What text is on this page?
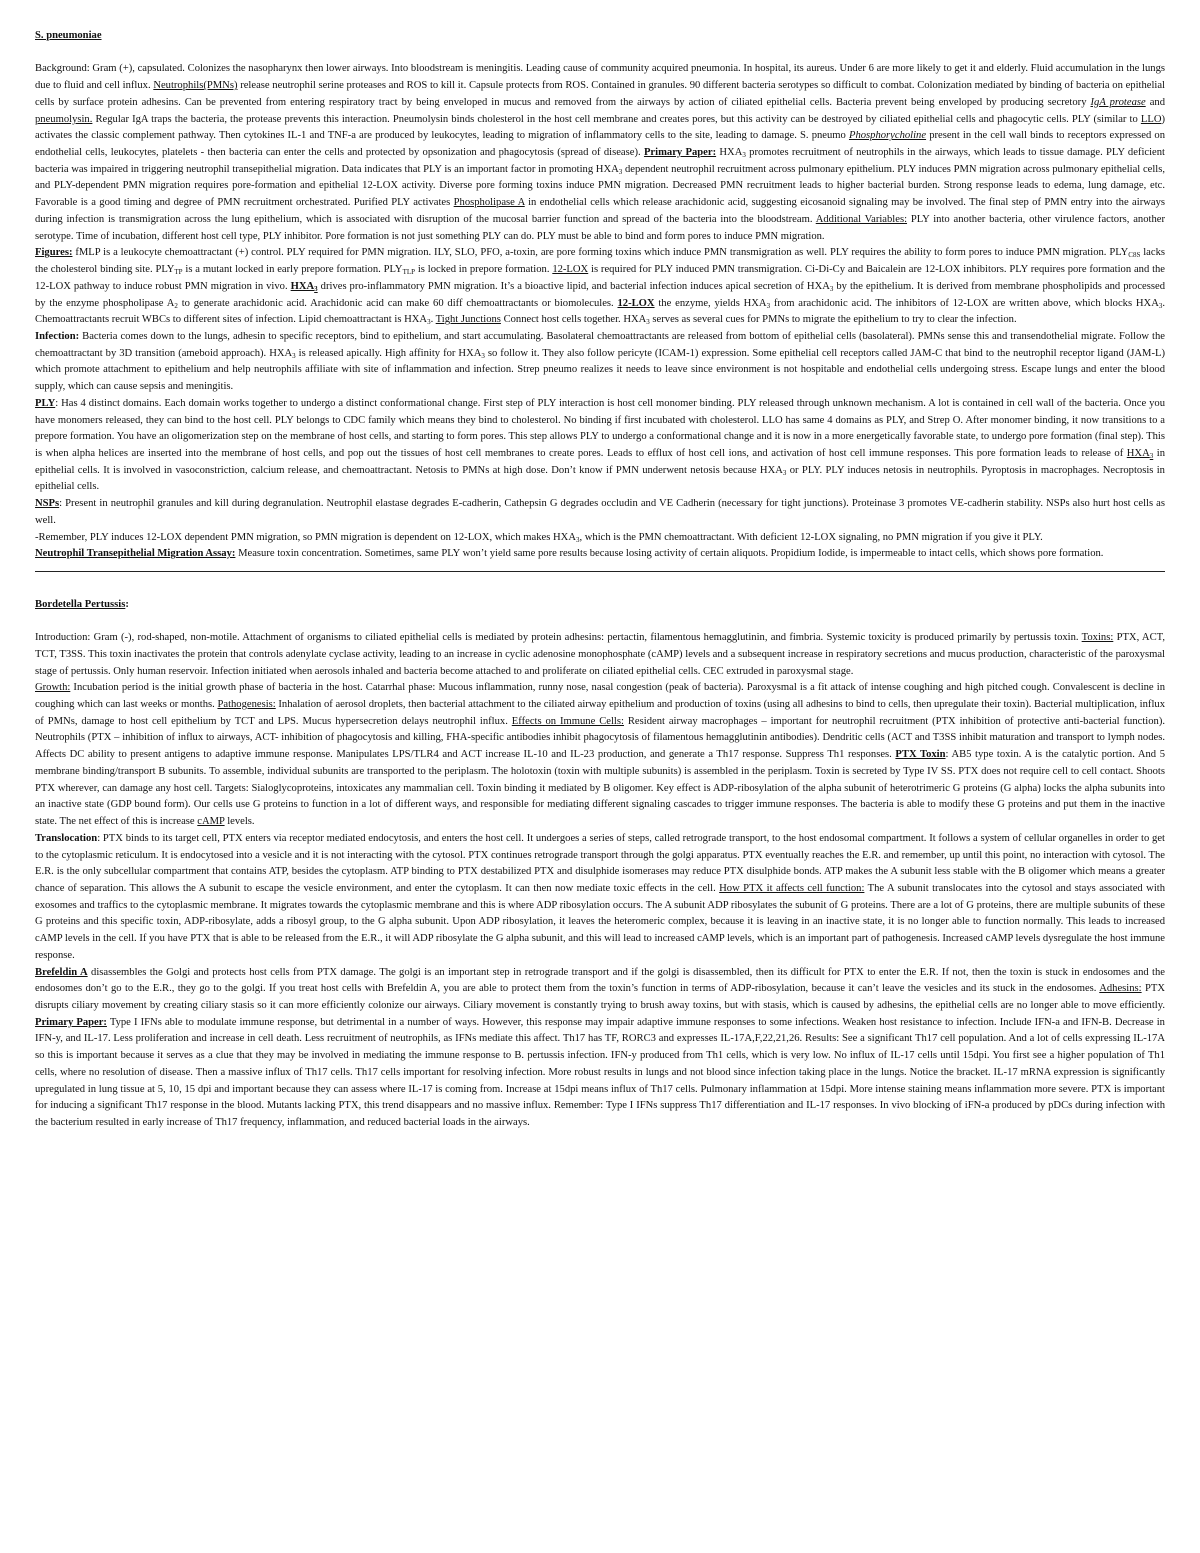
S. pneumoniae

Background: Gram (+), capsulated. Colonizes the nasopharynx then lower airways. Into bloodstream is meningitis. Leading cause of community acquired pneumonia. In hospital, its aureus. Under 6 are more likely to get it and elderly. Fluid accumulation in the lungs due to fluid and cell influx. Neutrophils(PMNs) release neutrophil serine proteases and ROS to kill it. Capsule protects from ROS. Contained in granules. 90 different bacteria serotypes so difficult to combat. Colonization mediated by binding of bacteria on epithelial cells by surface protein adhesins. Can be prevented from entering respiratory tract by being enveloped in mucus and removed from the airways by action of ciliated epithelial cells. Bacteria prevent being enveloped by producing secretory IgA protease and pneumolysin. Regular IgA traps the bacteria, the protease prevents this interaction. Pneumolysin binds cholesterol in the host cell membrane and creates pores, but this activity can be destroyed by ciliated epithelial cells and phagocytic cells. PLY (similar to LLO) activates the classic complement pathway. Then cytokines IL-1 and TNF-a are produced by leukocytes, leading to migration of inflammatory cells to the site, leading to damage. S. pneumo Phosphorycholine present in the cell wall binds to receptors expressed on endothelial cells, leukocytes, platelets - then bacteria can enter the cells and protected by opsonization and phagocytosis (spread of disease). Primary Paper: $HXA_3$ promotes recruitment of neutrophils in the airways, which leads to tissue damage. PLY deficient bacteria was impaired in triggering neutrophil transepithelial migration. Data indicates that PLY is an important factor in promoting $HXA_3$ dependent neutrophil recruitment across pulmonary epithelium. PLY induces PMN migration across pulmonary epithelial cells, and PLY-dependent PMN migration requires pore-formation and epithelial 12-LOX activity. Diverse pore forming toxins induce PMN migration. Decreased PMN recruitment leads to higher bacterial burden. Strong response leads to edema, lung damage, etc. Favorable is a good timing and degree of PMN recruitment orchestrated. Purified PLY activates Phospholipase A in endothelial cells which release arachidonic acid, suggesting eicosanoid signaling may be involved. The final step of PMN entry into the airways during infection is transmigration across the lung epithelium, which is associated with disruption of the mucosal barrier function and spread of the bacteria into the bloodstream. Additional Variables: PLY into another bacteria, other virulence factors, another serotype. Time of incubation, different host cell type, PLY inhibitor. Pore formation is not just something PLY can do. PLY must be able to bind and form pores to induce PMN migration.

Figures: fMLP is a leukocyte chemoattractant (+) control. PLY required for PMN migration. ILY, SLO, PFO, a-toxin, are pore forming toxins which induce PMN transmigration as well. PLY requires the ability to form pores to induce PMN migration. $PLY_{C8S}$ lacks the cholesterol binding site. $PLY_{TP}$ is a mutant locked in early prepore formation. $PLY_{TLP}$ is locked in prepore formation. 12-LOX is required for PLY induced PMN transmigration. Ci-Di-Cy and Baicalein are 12-LOX inhibitors. PLY requires pore formation and the 12-LOX pathway to induce robust PMN migration in vivo. $HXA_3$ drives pro-inflammatory PMN migration. It’s a bioactive lipid, and bacterial infection induces apical secretion of $HXA_3$ by the epithelium. It is derived from membrane phospholipids and processed by the enzyme phospholipase $A_2$ to generate arachidonic acid. Arachidonic acid can make 60 diff chemoattractants or biomolecules. 12-LOX the enzyme, yields $HXA_3$ from arachidonic acid. The inhibitors of 12-LOX are written above, which blocks $HXA_3$. Chemoattractants recruit WBCs to different sites of infection. Lipid chemoattractant is $HXA_3$. Tight Junctions Connect host cells together. $HXA_3$ serves as several cues for PMNs to migrate the epithelium to try to clear the infection.

Infection: Bacteria comes down to the lungs, adhesin to specific receptors, bind to epithelium, and start accumulating. Basolateral chemoattractants are released from bottom of epithelial cells (basolateral). PMNs sense this and transendothelial migrate. Follow the chemoattractant by 3D transition (ameboid approach). $HXA_3$ is released apically. High affinity for $HXA_3$ so follow it. They also follow pericyte (ICAM-1) expression. Some epithelial cell receptors called JAM-C that bind to the neutrophil receptor ligand (JAM-L) which promote attachment to epithelium and help neutrophils affiliate with site of inflammation and infection. Strep pneumo realizes it needs to leave since environment is not hospitable and endothelial cells undergoing stress. Escape lungs and enter the blood supply, which can cause sepsis and meningitis.

PLY: Has 4 distinct domains. Each domain works together to undergo a distinct conformational change. First step of PLY interaction is host cell monomer binding. PLY released through unknown mechanism. A lot is contained in cell wall of the bacteria. Once you have monomers released, they can bind to the host cell. PLY belongs to CDC family which means they bind to cholesterol. No binding if first incubated with cholesterol. LLO has same 4 domains as PLY, and Strep O. After monomer binding, it now transitions to a prepore formation. You have an oligomerization step on the membrane of host cells, and starting to form pores. This step allows PLY to undergo a conformational change and it is now in a more energetically favorable state, to undergo pore formation (final step). This is when alpha helices are inserted into the membrane of host cells, and pop out the tissues of host cell membranes to create pores. Leads to efflux of host cell ions, and activation of host cell immune responses. This pore formation leads to release of $HXA_3$ in epithelial cells. It is involved in vasoconstriction, calcium release, and chemoattractant. Netosis to PMNs at high dose. Don’t know if PMN underwent netosis because $HXA_3$ or PLY. PLY induces netosis in neutrophils. Pyroptosis in macrophages. Necroptosis in epithelial cells.

NSPs: Present in neutrophil granules and kill during degranulation. Neutrophil elastase degrades E-cadherin, Cathepsin G degrades occludin and VE Cadherin (necessary for tight junctions). Proteinase 3 promotes VE-cadherin stability. NSPs also hurt host cells as well.

-Remember, PLY induces 12-LOX dependent PMN migration, so PMN migration is dependent on 12-LOX, which makes $HXA_3$, which is the PMN chemoattractant. With deficient 12-LOX signaling, no PMN migration if you give it PLY.

Neutrophil Transepithelial Migration Assay: Measure toxin concentration. Sometimes, same PLY won’t yield same pore results because losing activity of certain aliquots. Propidium Iodide, is impermeable to intact cells, which shows pore formation.

Bordetella Pertussis:

Introduction: Gram (-), rod-shaped, non-motile. Attachment of organisms to ciliated epithelial cells is mediated by protein adhesins: pertactin, filamentous hemagglutinin, and fimbria. Systemic toxicity is produced primarily by pertussis toxin. Toxins: PTX, ACT, TCT, T3SS. This toxin inactivates the protein that controls adenylate cyclase activity, leading to an increase in cyclic adenosine monophosphate (cAMP) levels and a subsequent increase in respiratory secretions and mucus production, characteristic of the paroxysmal stage of pertussis. Only human reservoir. Infection initiated when aerosols inhaled and bacteria become attached to and proliferate on ciliated epithelial cells. CEC extruded in paroxysmal stage.

Growth: Incubation period is the initial growth phase of bacteria in the host. Catarrhal phase: Mucous inflammation, runny nose, nasal congestion (peak of bacteria). Paroxysmal is a fit attack of intense coughing and high pitched cough. Convalescent is decline in coughing which can last weeks or months. Pathogenesis: Inhalation of aerosol droplets, then bacterial attachment to the ciliated airway epithelium and production of toxins (using all adhesins to bind to cells, then upregulate their toxin). Bacterial multiplication, influx of PMNs, damage to host cell epithelium by TCT and LPS. Mucus hypersecretion delays neutrophil influx. Effects on Immune Cells: Resident airway macrophages – important for neutrophil recruitment (PTX inhibition of protective anti-bacterial function). Neutrophils (PTX – inhibition of influx to airways, ACT- inhibition of phagocytosis and killing, FHA-specific antibodies inhibit phagocytosis of filamentous hemagglutinin antibodies). Dendritic cells (ACT and T3SS inhibit maturation and transport to lymph nodes. Affects DC ability to present antigens to adaptive immune response. Manipulates LPS/TLR4 and ACT increase IL-10 and IL-23 production, and generate a Th17 response. Suppress Th1 responses. PTX Toxin: AB5 type toxin. A is the catalytic portion. And 5 membrane binding/transport B subunits. To assemble, individual subunits are transported to the periplasm. The holotoxin (toxin with multiple subunits) is assembled in the periplasm. Toxin is secreted by Type IV SS. PTX does not require cell to cell contact. Shoots PTX wherever, can damage any host cell. Targets: Sialoglycoproteins, intoxicates any mammalian cell. Toxin binding it mediated by B oligomer. Key effect is ADP-ribosylation of the alpha subunit of heterotrimeric G proteins (G alpha) locks the alpha subunits into an inactive state (GDP bound form). Our cells use G proteins to function in a lot of different ways, and responsible for mediating different signaling cascades to trigger immune responses. The bacteria is able to modify these G proteins and put them in the inactive state. The net effect of this is increase cAMP levels.

Translocation: PTX binds to its target cell, PTX enters via receptor mediated endocytosis, and enters the host cell. It undergoes a series of steps, called retrograde transport, to the host endosomal compartment. It follows a system of cellular organelles in order to get to the cytoplasmic reticulum. It is endocytosed into a vesicle and it is not interacting with the cytosol. PTX continues retrograde transport through the golgi apparatus. PTX eventually reaches the E.R. and remember, up until this point, no interaction with cytosol. The E.R. is the only subcellular compartment that contains ATP, besides the cytoplasm. ATP binding to PTX destabilized PTX and disulphide isomerases may reduce PTX disulphide bonds. ATP makes the A subunit less stable with the B oligomer which means a greater chance of separation. This allows the A subunit to escape the vesicle environment, and enter the cytoplasm. It can then now mediate toxic effects in the cell. How PTX it affects cell function: The A subunit translocates into the cytosol and stays associated with exosomes and traffics to the cytoplasmic membrane. It migrates towards the cytoplasmic membrane and this is where ADP ribosylation occurs. The A subunit ADP ribosylates the subunit of G proteins. There are a lot of G proteins, there are multiple subunits of these G proteins and this specific toxin, ADP-ribosylate, adds a ribosyl group, to the G alpha subunit. Upon ADP ribosylation, it leaves the heteromeric complex, because it is leaving in an inactive state, it is no longer able to function normally. This leads to increased cAMP levels in the cell. If you have PTX that is able to be released from the E.R., it will ADP ribosylate the G alpha subunit, and this will lead to increased cAMP levels, which is an important part of pathogenesis. Increased cAMP levels dysregulate the host immune response.

Brefeldin A disassembles the Golgi and protects host cells from PTX damage. The golgi is an important step in retrograde transport and if the golgi is disassembled, then its difficult for PTX to enter the E.R. If not, then the toxin is stuck in endosomes and the endosomes don’t go to the E.R., they go to the golgi. If you treat host cells with Brefeldin A, you are able to protect them from the toxin’s function in terms of ADP-ribosylation, because it can’t leave the vesicles and its stuck in the endosomes. Adhesins: PTX disrupts ciliary movement by creating ciliary stasis so it can more efficiently colonize our airways. Ciliary movement is constantly trying to brush away toxins, but with stasis, which is caused by adhesins, the epithelial cells are no longer able to move efficiently. Primary Paper: Type I IFNs able to modulate immune response, but detrimental in a number of ways. However, this response may impair adaptive immune responses to some infections. Weaken host resistance to infection. Include IFN-a and IFN-B. Decrease in IFN-y, and IL-17. Less proliferation and increase in cell death. Less recruitment of neutrophils, as IFNs mediate this affect. Th17 has TF, RORC3 and expresses IL-17A,F,22,21,26. Results: See a significant Th17 cell population. And a lot of cells expressing IL-17A so this is important because it serves as a clue that they may be involved in mediating the immune response to B. pertussis infection. IFN-y produced from Th1 cells, which is very low. No influx of IL-17 cells until 15dpi. You first see a higher population of Th1 cells, where no resolution of disease. Then a massive influx of Th17 cells. Th17 cells important for resolving infection. More robust results in lungs and not blood since infection taking place in the lungs. Notice the bracket. IL-17 mRNA expression is significantly upregulated in lung tissue at 5, 10, 15 dpi and important because they can assess where IL-17 is coming from. Increase at 15dpi means influx of Th17 cells. Pulmonary inflammation at 15dpi. More intense staining means inflammation more severe. PTX is important for inducing a significant Th17 response in the blood. Mutants lacking PTX, this trend disappears and no massive influx. Remember: Type I IFNs suppress Th17 differentiation and IL-17 responses. In vivo blocking of iFN-a produced by pDCs during infection with the bacterium resulted in early increase of Th17 frequency, inflammation, and reduced bacterial loads in the airways.
